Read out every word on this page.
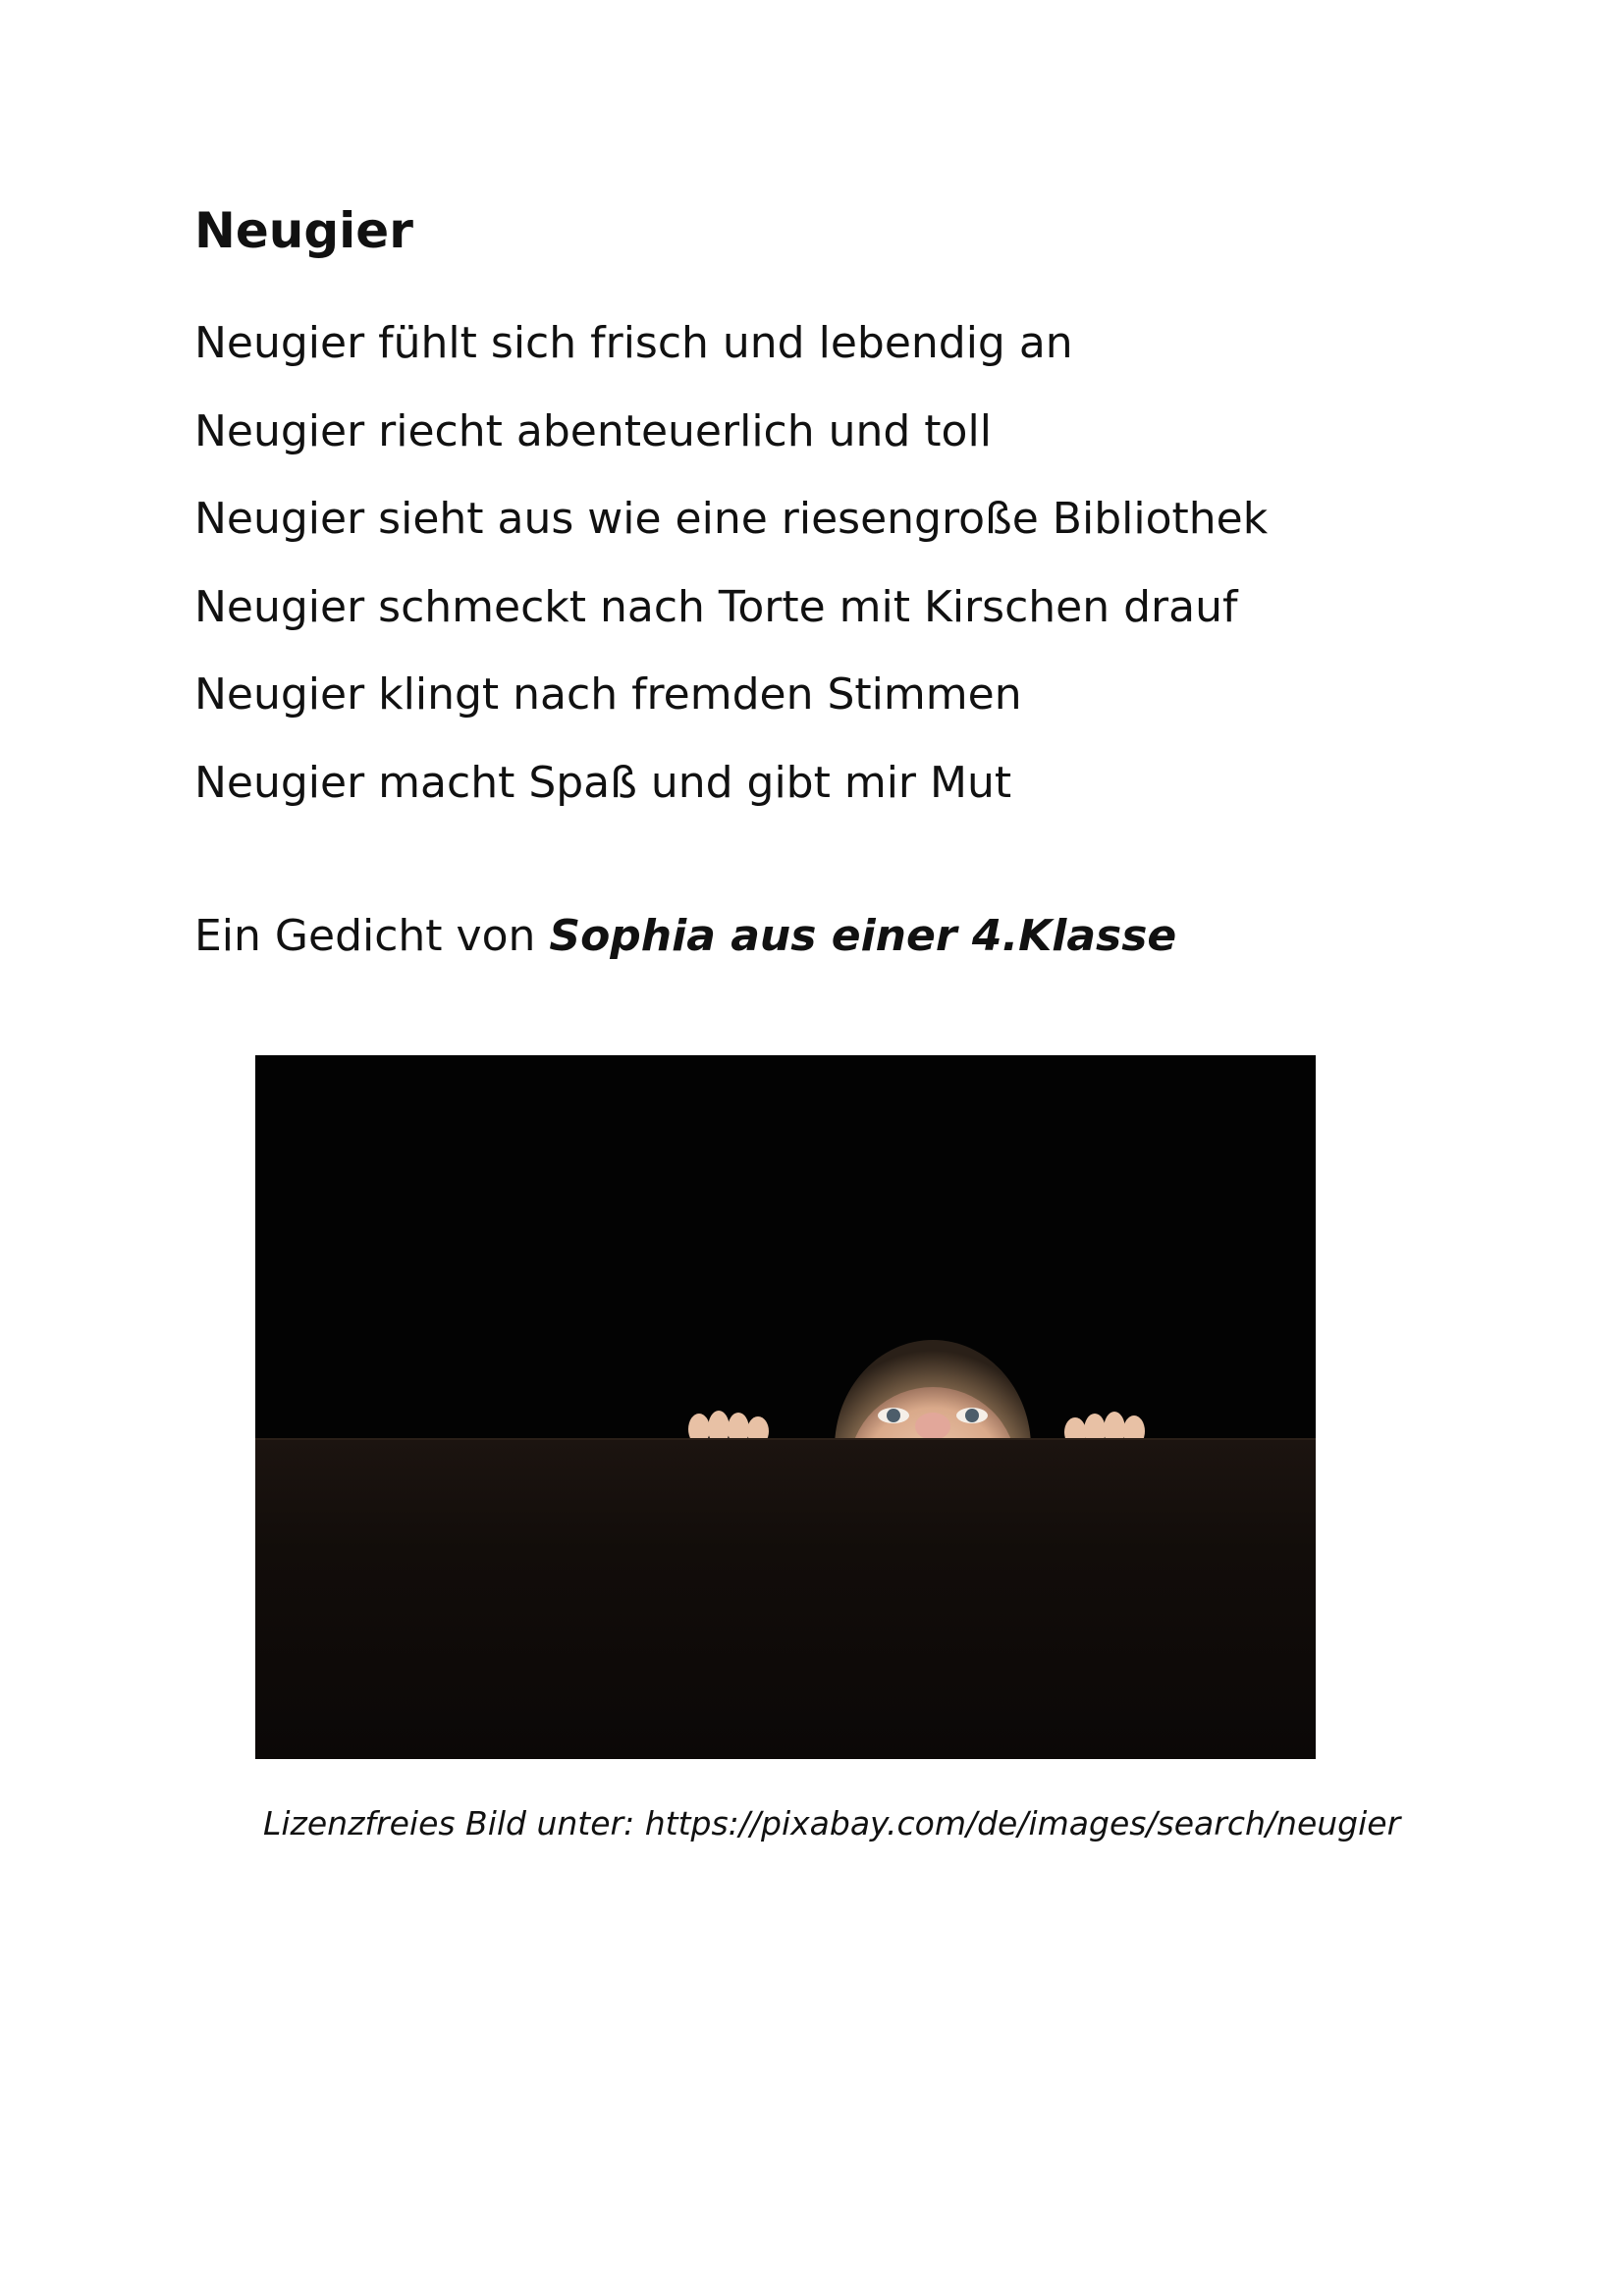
Neugier
Neugier fühlt sich frisch und lebendig an
Neugier riecht abenteuerlich und toll
Neugier sieht aus wie eine riesengroße Bibliothek
Neugier schmeckt nach Torte mit Kirschen drauf
Neugier klingt nach fremden Stimmen
Neugier macht Spaß und gibt mir Mut

Ein Gedicht von Sophia aus einer 4.Klasse

Lizenzfreies Bild unter: https://pixabay.com/de/images/search/neugier
